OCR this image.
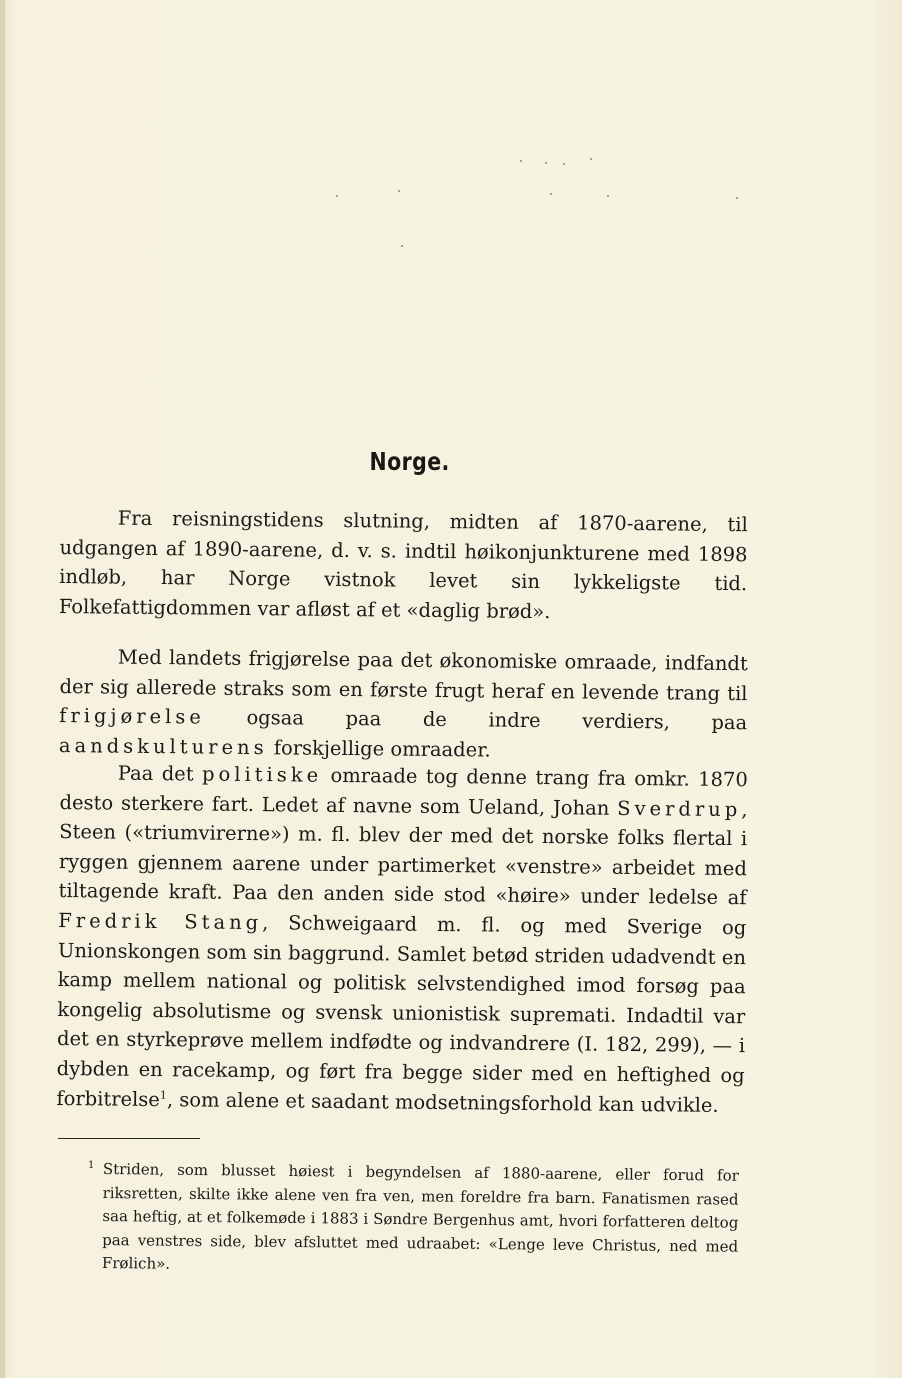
Norge.

Fra reisningstidens slutning, midten af 1870-aarene, til udgangen af 1890-aarene, d. v. s. indtil høikonjunkturene med 1898 indløb, har Norge vistnok levet sin lykkeligste tid. Folkefattigdommen var afløst af et «daglig brød».

Med landets frigjørelse paa det økonomiske omraade, indfandt der sig allerede straks som en første frugt heraf en levende trang til frigjørelse ogsaa paa de indre verdiers, paa aandskulturens forskjellige omraader.

Paa det politiske omraade tog denne trang fra omkr. 1870 desto sterkere fart. Ledet af navne som Ueland, Johan Sverdrup, Steen («triumvirerne») m. fl. blev der med det norske folks flertal i ryggen gjennem aarene under partimerket «venstre» arbeidet med tiltagende kraft. Paa den anden side stod «høire» under ledelse af Fredrik Stang, Schweigaard m. fl. og med Sverige og Unionskongen som sin baggrund. Samlet betød striden udadvendt en kamp mellem national og politisk selvstendighed imod forsøg paa kongelig absolutisme og svensk unionistisk suprematі. Indadtil var det en styrkeprøve mellem indfødte og indvandrere (I. 182, 299), — i dybden en racekamp, og ført fra begge sider med en heftighed og forbitrelse$^1$, som alene et saadant modsetningsforhold kan udvikle.

1 Striden, som blusset høiest i begyndelsen af 1880-aarene, eller forud for riksretten, skilte ikke alene ven fra ven, men foreldre fra barn. Fanatismen rased saa heftig, at et folkemøde i 1883 i Søndre Bergenhus amt, hvori forfatteren deltog paa venstres side, blev afsluttet med udraabet: «Lenge leve Christus, ned med Frølich».
